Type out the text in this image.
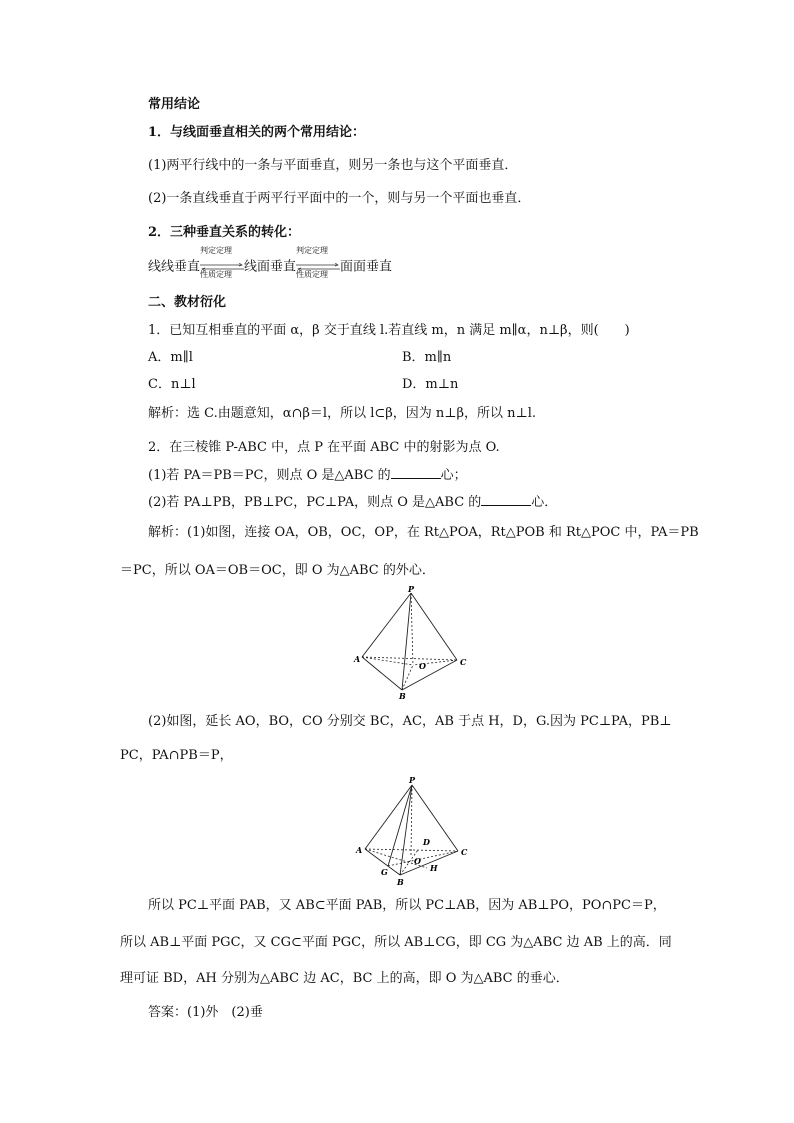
常用结论
1．与线面垂直相关的两个常用结论：
(1)两平行线中的一条与平面垂直，则另一条也与这个平面垂直．
(2)一条直线垂直于两平行平面中的一个，则与另一个平面也垂直．
2．三种垂直关系的转化：
线线垂直
判定定理
性质定理 线面垂直
判定定理
性质定理 面面垂直
二、教材衍化
1．已知互相垂直的平面 α，β 交于直线 l.若直线 m，n 满足 m∥α，n⊥β，则(　　)
A．m∥l	B．m∥n
C．n⊥l	D．m⊥n
解析：选 C.由题意知，α∩β＝l，所以 l⊂β，因为 n⊥β，所以 n⊥l.
2．在三棱锥 P-ABC 中，点 P 在平面 ABC 中的射影为点 O.
(1)若 PA＝PB＝PC，则点 O 是△ABC 的	心；
(2)若 PA⊥PB，PB⊥PC，PC⊥PA，则点 O 是△ABC 的	心．
解析：(1)如图，连接 OA，OB，OC，OP，在 Rt△POA，Rt△POB 和 Rt△POC 中，PA＝PB
＝PC，所以 OA＝OB＝OC，即 O 为△ABC 的外心．
P
A
B
C
O
(2)如图，延长 AO，BO，CO 分别交 BC，AC，AB 于点 H，D，G.因为 PC⊥PA，PB⊥
PC，PA∩PB＝P，
P
A
B
C
D
G	H
O
所以 PC⊥平面 PAB，又 AB⊂平面 PAB，所以 PC⊥AB，因为 AB⊥PO，PO∩PC＝P，
所以 AB⊥平面 PGC，又 CG⊂平面 PGC，所以 AB⊥CG，即 CG 为△ABC 边 AB 上的高．同
理可证 BD，AH 分别为△ABC 边 AC，BC 上的高，即 O 为△ABC 的垂心．
答案：(1)外　(2)垂
